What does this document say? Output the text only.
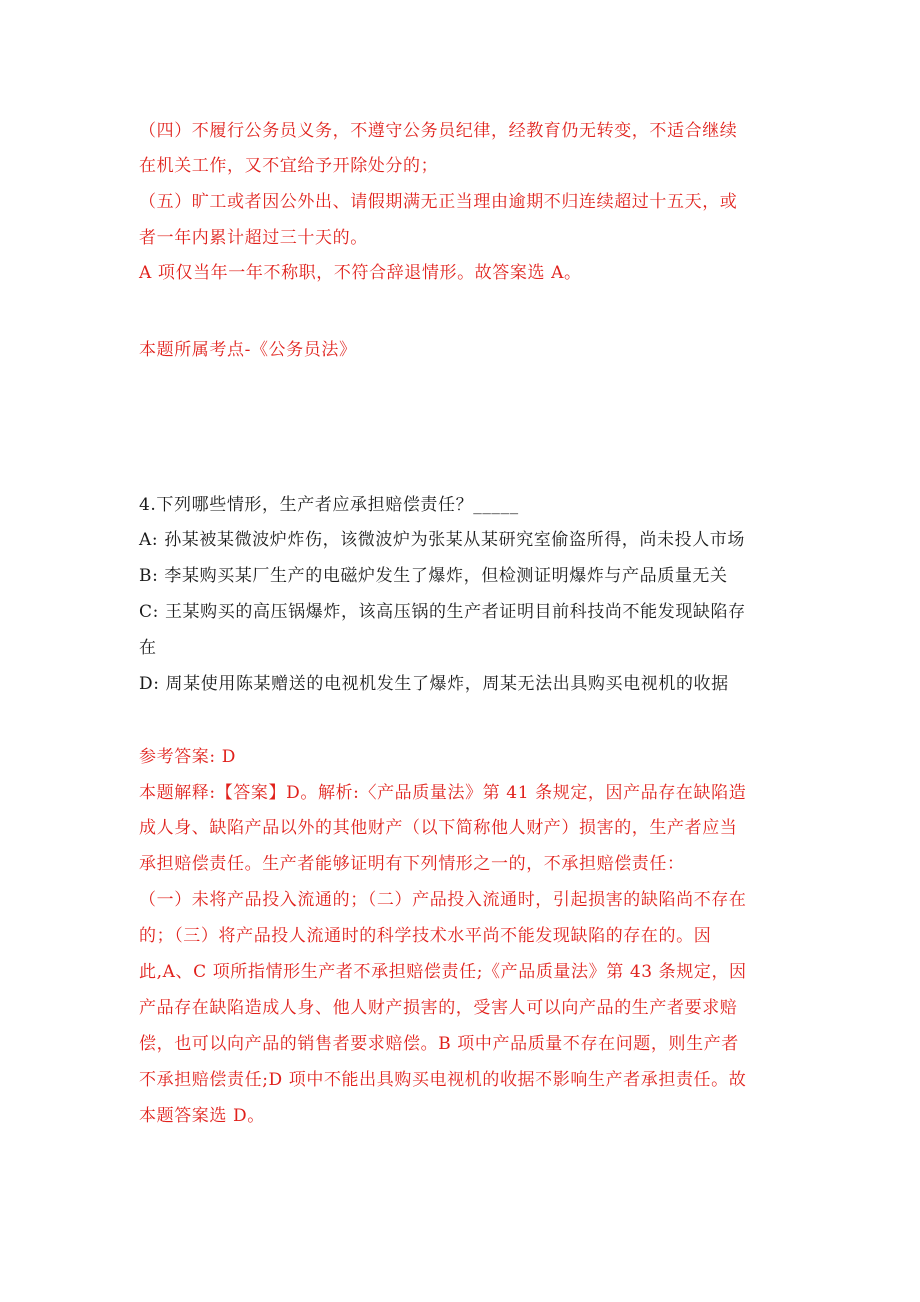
（四）不履行公务员义务，不遵守公务员纪律，经教育仍无转变，不适合继续
在机关工作，又不宜给予开除处分的；
（五）旷工或者因公外出、请假期满无正当理由逾期不归连续超过十五天，或
者一年内累计超过三十天的。
A 项仅当年一年不称职，不符合辞退情形。故答案选 A。
本题所属考点-《公务员法》
4.下列哪些情形，生产者应承担赔偿责任？_____
A: 孙某被某微波炉炸伤，该微波炉为张某从某研究室偷盗所得，尚未投人市场
B: 李某购买某厂生产的电磁炉发生了爆炸，但检测证明爆炸与产品质量无关
C: 王某购买的高压锅爆炸，该高压锅的生产者证明目前科技尚不能发现缺陷存
在
D: 周某使用陈某赠送的电视机发生了爆炸，周某无法出具购买电视机的收据
参考答案: D
本题解释:【答案】D。解析:〈产品质量法》第 41 条规定，因产品存在缺陷造
成人身、缺陷产品以外的其他财产（以下简称他人财产）损害的，生产者应当
承担赔偿责任。生产者能够证明有下列情形之一的，不承担赔偿责任：
（一）未将产品投入流通的；（二）产品投入流通时，引起损害的缺陷尚不存在
的；（三）将产品投人流通时的科学技术水平尚不能发现缺陷的存在的。因
此,A、C 项所指情形生产者不承担赔偿责任;《产品质量法》第 43 条规定，因
产品存在缺陷造成人身、他人财产损害的，受害人可以向产品的生产者要求赔
偿，也可以向产品的销售者要求赔偿。B 项中产品质量不存在问题，则生产者
不承担赔偿责任;D 项中不能出具购买电视机的收据不影响生产者承担责任。故
本题答案选 D。
